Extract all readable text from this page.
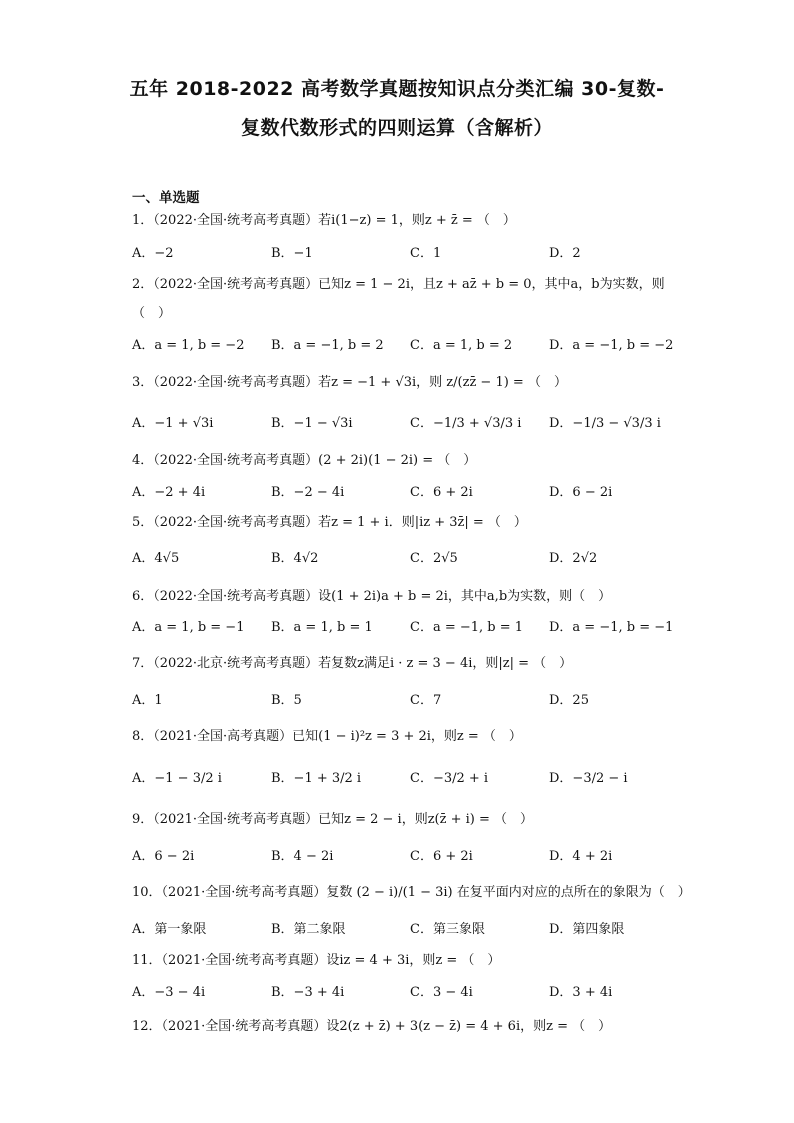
五年 2018-2022 高考数学真题按知识点分类汇编 30-复数-
复数代数形式的四则运算（含解析）
一、单选题
1．（2022·全国·统考高考真题）若i(1−z) = 1，则z + z̄ = （　）
A．−2	B．−1	C．1	D．2
2．（2022·全国·统考高考真题）已知z = 1 − 2i，且z + az̄ + b = 0，其中a，b为实数，则
（　）
A．a = 1, b = −2 B．a = −1, b = 2 C．a = 1, b = 2	D．a = −1, b = −2
3．（2022·全国·统考高考真题）若z = −1 + √3i，则 z/(zz̄ − 1) = （　）
A．−1 + √3i	B．−1 − √3i	C．−1/3 + √3/3 i D．−1/3 − √3/3 i
4．（2022·全国·统考高考真题）(2 + 2i)(1 − 2i) = （　）
A．−2 + 4i	B．−2 − 4i	C．6 + 2i	D．6 − 2i
5．（2022·全国·统考高考真题）若z = 1 + i．则|iz + 3z̄| = （　）
A．4√5	B．4√2	C．2√5	D．2√2
6．（2022·全国·统考高考真题）设(1 + 2i)a + b = 2i，其中a,b为实数，则（　）
A．a = 1, b = −1 B．a = 1, b = 1	C．a = −1, b = 1 D．a = −1, b = −1
7．（2022·北京·统考高考真题）若复数z满足i · z = 3 − 4i，则|z| = （　）
A．1	B．5	C．7	D．25
8．（2021·全国·高考真题）已知(1 − i)²z = 3 + 2i，则z = （　）
A．−1 − 3/2 i	B．−1 + 3/2 i	C．−3/2 + i	D．−3/2 − i
9．（2021·全国·统考高考真题）已知z = 2 − i，则z(z̄ + i) = （　）
A．6 − 2i	B．4 − 2i	C．6 + 2i	D．4 + 2i
10．（2021·全国·统考高考真题）复数 (2 − i)/(1 − 3i) 在复平面内对应的点所在的象限为（　）
A．第一象限	B．第二象限	C．第三象限	D．第四象限
11．（2021·全国·统考高考真题）设iz = 4 + 3i，则z = （　）
A．−3 − 4i	B．−3 + 4i	C．3 − 4i	D．3 + 4i
12．（2021·全国·统考高考真题）设2(z + z̄) + 3(z − z̄) = 4 + 6i，则z = （　）
